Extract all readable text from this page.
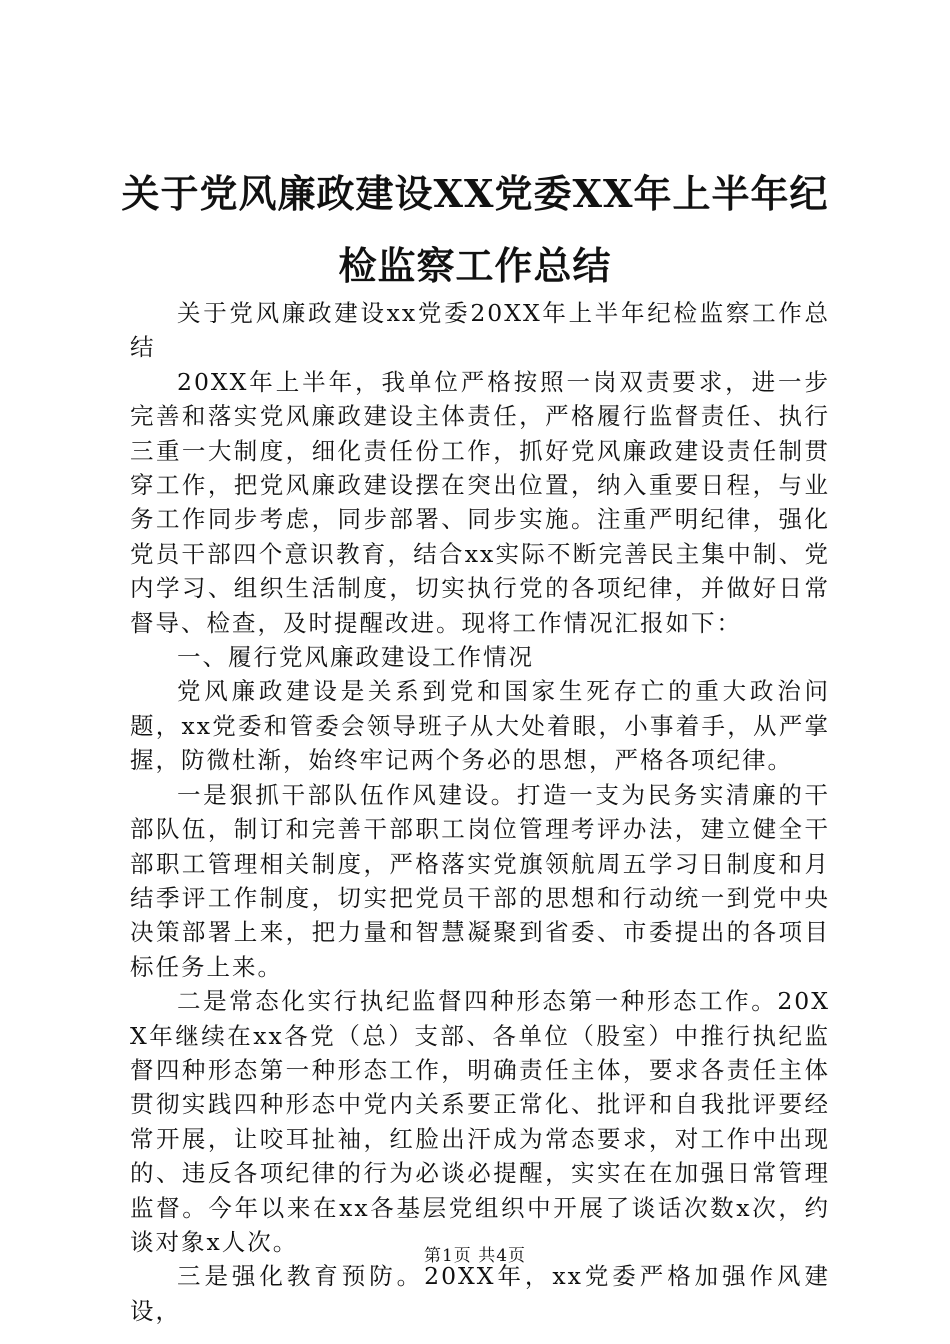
关于党风廉政建设XX党委XX年上半年纪检监察工作总结

关于党风廉政建设xx党委20XX年上半年纪检监察工作总结

20XX年上半年，我单位严格按照一岗双责要求，进一步完善和落实党风廉政建设主体责任，严格履行监督责任、执行三重一大制度，细化责任份工作，抓好党风廉政建设责任制贯穿工作，把党风廉政建设摆在突出位置，纳入重要日程，与业务工作同步考虑，同步部署、同步实施。注重严明纪律，强化党员干部四个意识教育，结合xx实际不断完善民主集中制、党内学习、组织生活制度，切实执行党的各项纪律，并做好日常督导、检查，及时提醒改进。现将工作情况汇报如下：

一、履行党风廉政建设工作情况

党风廉政建设是关系到党和国家生死存亡的重大政治问题，xx党委和管委会领导班子从大处着眼，小事着手，从严掌握，防微杜渐，始终牢记两个务必的思想，严格各项纪律。

一是狠抓干部队伍作风建设。打造一支为民务实清廉的干部队伍，制订和完善干部职工岗位管理考评办法，建立健全干部职工管理相关制度，严格落实党旗领航周五学习日制度和月结季评工作制度，切实把党员干部的思想和行动统一到党中央决策部署上来，把力量和智慧凝聚到省委、市委提出的各项目标任务上来。

二是常态化实行执纪监督四种形态第一种形态工作。20XX年继续在xx各党（总）支部、各单位（股室）中推行执纪监督四种形态第一种形态工作，明确责任主体，要求各责任主体贯彻实践四种形态中党内关系要正常化、批评和自我批评要经常开展，让咬耳扯袖，红脸出汗成为常态要求，对工作中出现的、违反各项纪律的行为必谈必提醒，实实在在加强日常管理监督。今年以来在xx各基层党组织中开展了谈话次数x次，约谈对象x人次。

三是强化教育预防。20XX年，xx党委严格加强作风建设，

第1页 共4页
